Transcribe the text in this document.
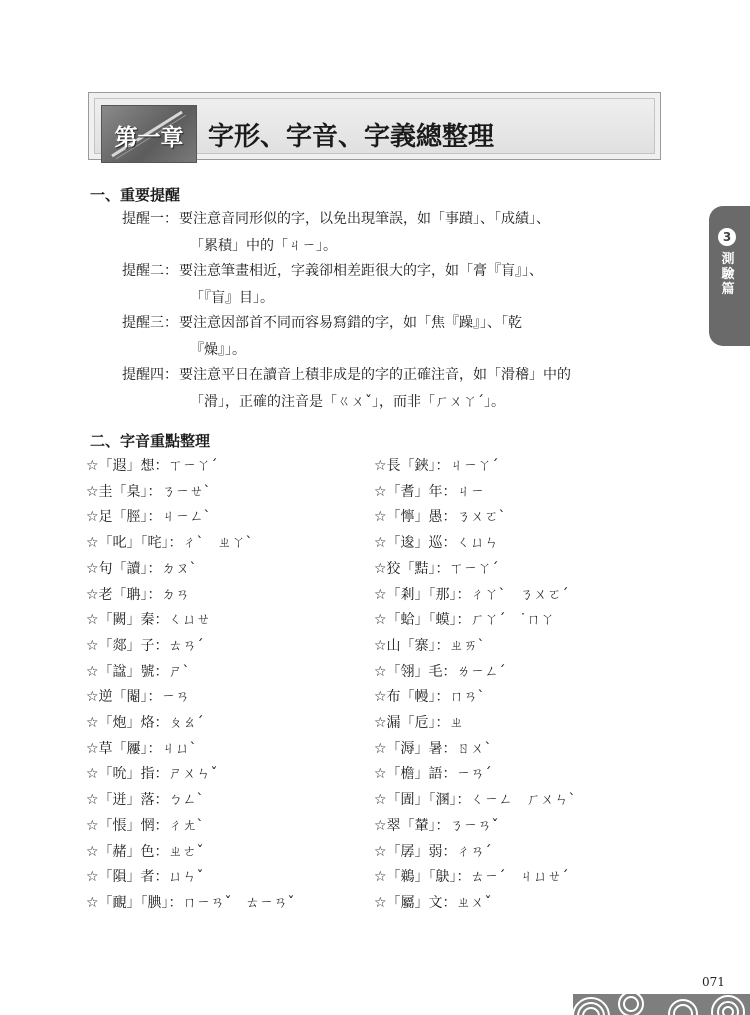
第一章 字形、字音、字義總整理
3
測驗篇
一、重要提醒
提醒一： 要注意音同形似的字，以免出現筆誤，如「事蹟」、「成績」、
「累積」中的「ㄐㄧ」。
提醒二： 要注意筆畫相近，字義卻相差距很大的字，如「膏『肓』」、
「『盲』目」。
提醒三： 要注意因部首不同而容易寫錯的字，如「焦『躁』」、「乾
『燥』」。
提醒四： 要注意平日在讀音上積非成是的字的正確注音，如「滑稽」中的
「滑」，正確的注音是「ㄍㄨˇ」，而非「ㄏㄨㄚˊ」。
二、字音重點整理
☆「遐」想：ㄒㄧㄚˊ
☆圭「臬」：ㄋㄧㄝˋ
☆足「脛」：ㄐㄧㄥˋ
☆「叱」「咤」：ㄔˋ　ㄓㄚˋ
☆句「讀」：ㄉㄡˋ
☆老「聃」：ㄉㄢ
☆「闕」秦：ㄑㄩㄝ
☆「郯」子：ㄊㄢˊ
☆「諡」號：ㄕˋ
☆逆「閹」：ㄧㄢ
☆「炮」烙：ㄆㄠˊ
☆草「屨」：ㄐㄩˋ
☆「吮」指：ㄕㄨㄣˇ
☆「迸」落：ㄅㄥˋ
☆「悵」惘：ㄔㄤˋ
☆「赭」色：ㄓㄜˇ
☆「隕」者：ㄩㄣˇ
☆「靦」「腆」：ㄇㄧㄢˇ　ㄊㄧㄢˇ
☆長「鋏」：ㄐㄧㄚˊ
☆「耆」年：ㄐㄧ
☆「懧」愚：ㄋㄨㄛˋ
☆「逡」巡：ㄑㄩㄣ
☆狡「黠」：ㄒㄧㄚˊ
☆「剎」「那」：ㄔㄚˋ　ㄋㄨㄛˊ
☆「蛤」「蟆」：ㄏㄚˊ　˙ㄇㄚ
☆山「寨」：ㄓㄞˋ
☆「翎」毛：ㄌㄧㄥˊ
☆布「幔」：ㄇㄢˋ
☆漏「卮」：ㄓ
☆「溽」暑：ㄖㄨˋ
☆「檐」語：ㄧㄢˊ
☆「圊」「溷」：ㄑㄧㄥ　ㄏㄨㄣˋ
☆翠「輦」：ㄋㄧㄢˇ
☆「孱」弱：ㄔㄢˊ
☆「鵜」「鴃」：ㄊㄧˊ　ㄐㄩㄝˊ
☆「屬」文：ㄓㄨˇ
071
